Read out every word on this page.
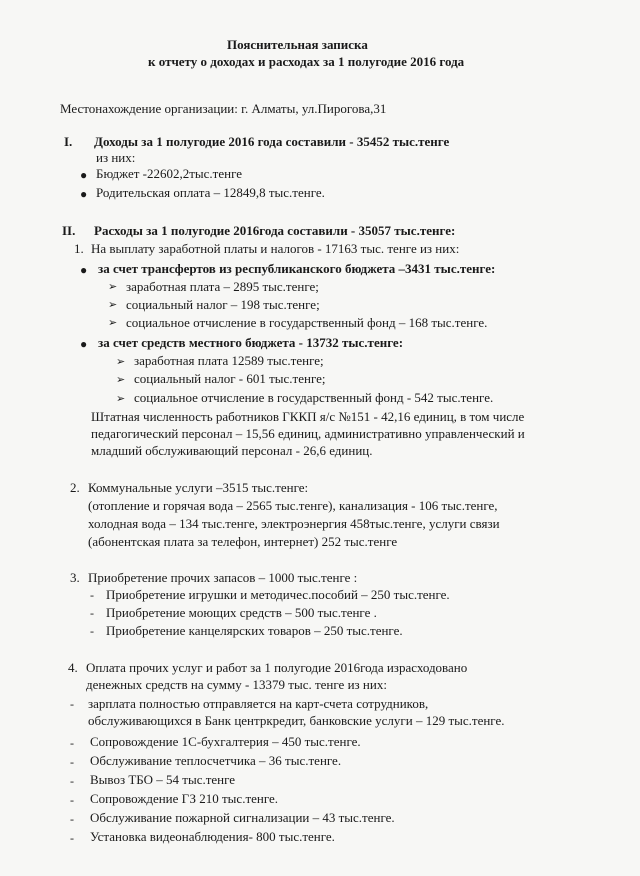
Пояснительная записка
к отчету о доходах и расходах за 1 полугодие 2016 года
Местонахождение организации: г. Алматы, ул.Пирогова,31
I. Доходы за 1 полугодие 2016 года составили - 35452 тыс.тенге
из них:
● Бюджет -22602,2тыс.тенге
● Родительская оплата – 12849,8 тыс.тенге.
II. Расходы за 1 полугодие 2016года составили - 35057 тыс.тенге:
1. На выплату заработной платы и налогов - 17163 тыс. тенге из них:
● за счет трансфертов из республиканского бюджета –3431 тыс.тенге:
➢ заработная плата – 2895 тыс.тенге;
➢ социальный налог – 198 тыс.тенге;
➢ социальное отчисление в государственный фонд – 168 тыс.тенге.
● за счет средств местного бюджета - 13732 тыс.тенге:
➢ заработная плата 12589 тыс.тенге;
➢ социальный налог - 601 тыс.тенге;
➢ социальное отчисление в государственный фонд - 542 тыс.тенге.
Штатная численность работников ГККП я/с №151 - 42,16 единиц, в том числе
педагогический персонал – 15,56 единиц, административно управленческий и
младший обслуживающий персонал - 26,6 единиц.
2. Коммунальные услуги –3515 тыс.тенге:
(отопление и горячая вода – 2565 тыс.тенге), канализация - 106 тыс.тенге,
холодная вода – 134 тыс.тенге, электроэнергия 458тыс.тенге, услуги связи
(абонентская плата за телефон, интернет) 252 тыс.тенге
3. Приобретение прочих запасов – 1000 тыс.тенге :
- Приобретение игрушки и методичес.пособий – 250 тыс.тенге.
- Приобретение моющих средств – 500 тыс.тенге .
- Приобретение канцелярских товаров – 250 тыс.тенге.
4. Оплата прочих услуг и работ за 1 полугодие 2016года израсходовано
денежных средств на сумму - 13379 тыс. тенге из них:
- зарплата полностью отправляется на карт-счета сотрудников,
обслуживающихся в Банк центркредит, банковские услуги – 129 тыс.тенге.
- Сопровождение 1С-бухгалтерия – 450 тыс.тенге.
- Обслуживание теплосчетчика – 36 тыс.тенге.
- Вывоз ТБО – 54 тыс.тенге
- Сопровождение ГЗ 210 тыс.тенге.
- Обслуживание пожарной сигнализации – 43 тыс.тенге.
- Установка видеонаблюдения- 800 тыс.тенге.
